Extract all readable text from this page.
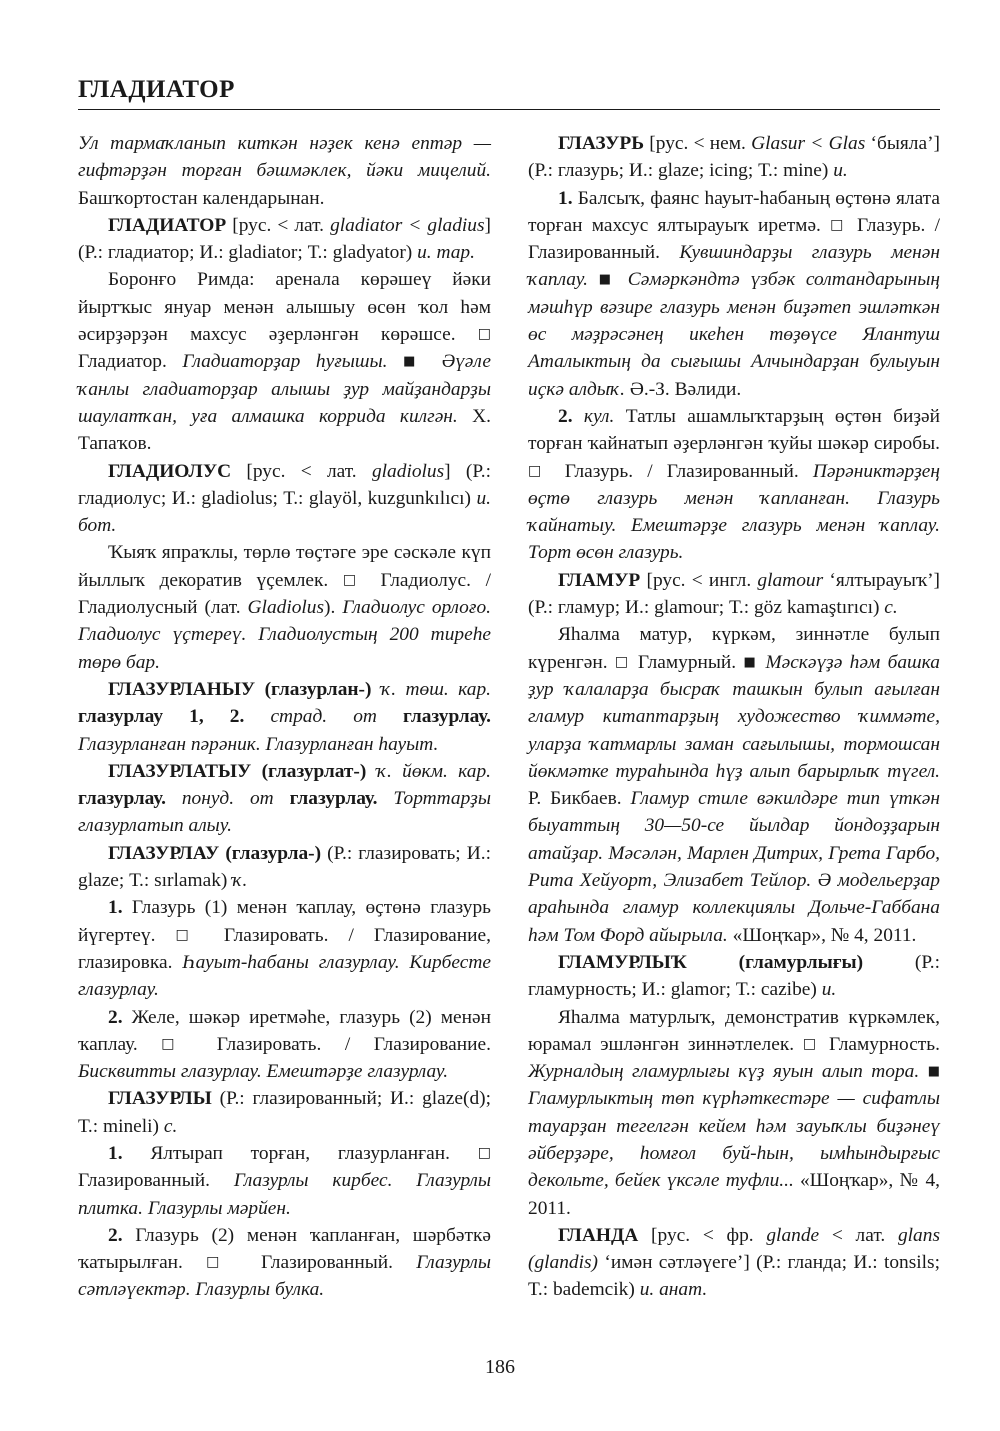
ГЛАДИАТОР

Ул тармаҡланып киткән нәҙек кенә ептәр — гифтәрҙән торған бәшмәклек, йәки мицелий. Башҡортостан календарынан.

ГЛАДИАТОР [рус. < лат. gladiator < gladius] (Р.: гладиатор; И.: gladiator; Т.: gladyator) и. тар.

Боронғо Римда: аренала көрәшеү йәки йыртҡыс януар менән алышыу өсөн ҡол һәм әсирҙәрҙән махсус әҙерләнгән көрәшсе. □ Гладиатор. Гладиаторҙар һуғышы. ■ Әүәле ҡанлы гладиаторҙар алышы ҙур майҙандарҙы шаулатҡан, уға алмашка коррида килгән. Х. Тапаҡов.

ГЛАДИОЛУС [рус. < лат. gladiolus] (Р.: гладиолус; И.: gladiolus; Т.: glayöl, kuzgunkılıcı) и. бот.

Ҡыяҡ япраҡлы, төрлө төҫтәге эре сәскәле күп йыллыҡ декоратив үҫемлек. □ Гладиолус. / Гладиолусный (лат. Gladiolus). Гладиолус орлоғо. Гладиолус үҫтереү. Гладиолустың 200 тиреһе төрө бар.

ГЛАЗУРЛАНЫУ (глазурлан-) ҡ. төш. кар. глазурлау 1, 2. страд. от глазурлау. Глазурланған пәрәник. Глазурланған һауыт.

ГЛАЗУРЛАТЫУ (глазурлат-) ҡ. йөкм. кар. глазурлау. понуд. от глазурлау. Торттарҙы глазурлатып алыу.

ГЛАЗУРЛАУ (глазурла-) (Р.: глазировать; И.: glaze; Т.: sırlamak) ҡ.

1. Глазурь (1) менән ҡаплау, өҫтөнә глазурь йүгертеү. □ Глазировать. / Глазирование, глазировка. Һауыт-һабаны глазурлау. Кирбесте глазурлау.

2. Желе, шәкәр иретмәһе, глазурь (2) менән ҡаплау. □ Глазировать. / Глазирование. Бисквитты глазурлау. Емештәрҙе глазурлау.

ГЛАЗУРЛЫ (Р.: глазированный; И.: glaze(d); Т.: mineli) с.

1. Ялтырап торған, глазурланған. □ Глазированный. Глазурлы кирбес. Глазурлы плитка. Глазурлы мәрйен.

2. Глазурь (2) менән ҡапланған, шәрбәткә ҡатырылған. □ Глазированный. Глазурлы сәтләүектәр. Глазурлы булка.

ГЛАЗУРЬ [рус. < нем. Glasur < Glas ‘быяла’] (Р.: глазурь; И.: glaze; icing; Т.: mine) и.

1. Балсыҡ, фаянс һауыт-һабаның өҫтөнә ялата торған махсус ялтырауыҡ иретмә. □ Глазурь. / Глазированный. Кувшиндарҙы глазурь менән ҡаплау. ■ Сәмәркәндтә үзбәк солтандарының мәшһүр вәзире глазурь менән биҙәтеп эшләткән өс мәҙрәсәнең икеһен төҙөүсе Ялантуш Аталыктың да сығышы Алчындарҙан булыуын иҫкә алдыҡ. Ә.-З. Вәлиди.

2. кул. Татлы ашамлыҡтарҙың өҫтөн биҙәй торған ҡайнатып әҙерләнгән ҡуйы шәкәр сиробы. □ Глазурь. / Глазированный. Пәрәниктәрҙең өҫтө глазурь менән ҡапланған. Глазурь ҡайнатыу. Емештәрҙе глазурь менән ҡаплау. Торт өсөн глазурь.

ГЛАМУР [рус. < ингл. glamour ‘ялтырауыҡ’] (Р.: гламур; И.: glamour; Т.: göz kamaştırıcı) с.

Яһалма матур, күркәм, зиннәтле булып күренгән. □ Гламурный. ■ Мәскәүҙә һәм башка ҙур ҡалаларҙа бысраҡ ташкын булып ағылған гламур китаптарҙың художество ҡиммәте, уларҙа ҡатмарлы заман сағылышы, тормошсан йөкмәтке тураһында һүҙ алып барырлыҡ түгел. Р. Бикбаев. Гламур стиле вәкилдәре тип үткән быуаттың 30—50-се йылдар йондоҙҙарын атайҙар. Мәсәлән, Марлен Дитрих, Грета Гарбо, Рита Хейуорт, Элизабет Тейлор. Ә модельерҙар араһында гламур коллекциялы Дольче-Габбана һәм Том Форд айырыла. «Шоңҡар», № 4, 2011.

ГЛАМУРЛЫҠ (гламурлығы)	(Р.: гламурность; И.: glamor; Т.: cazibe) и.

Яһалма матурлыҡ, демонстратив күркәмлек, юрамал эшләнгән зиннәтлелек. □ Гламурность. Журналдың гламурлығы күҙ яуын алып тора. ■ Гламурлыктың төп күрһәткестәре — сифатлы тауарҙан тегелгән кейем һәм зауыҡлы биҙәнеү әйберҙәре, һомғол буй-һын, ымһындырғыс декольте, бейек үксәле туфли... «Шоңҡар», № 4, 2011.

ГЛАНДА [рус. < фр. glande < лат. glans (glandis) ‘имән сәтләүеге’] (Р.: гланда; И.: tonsils; Т.: bademcik) и. анат.

186
